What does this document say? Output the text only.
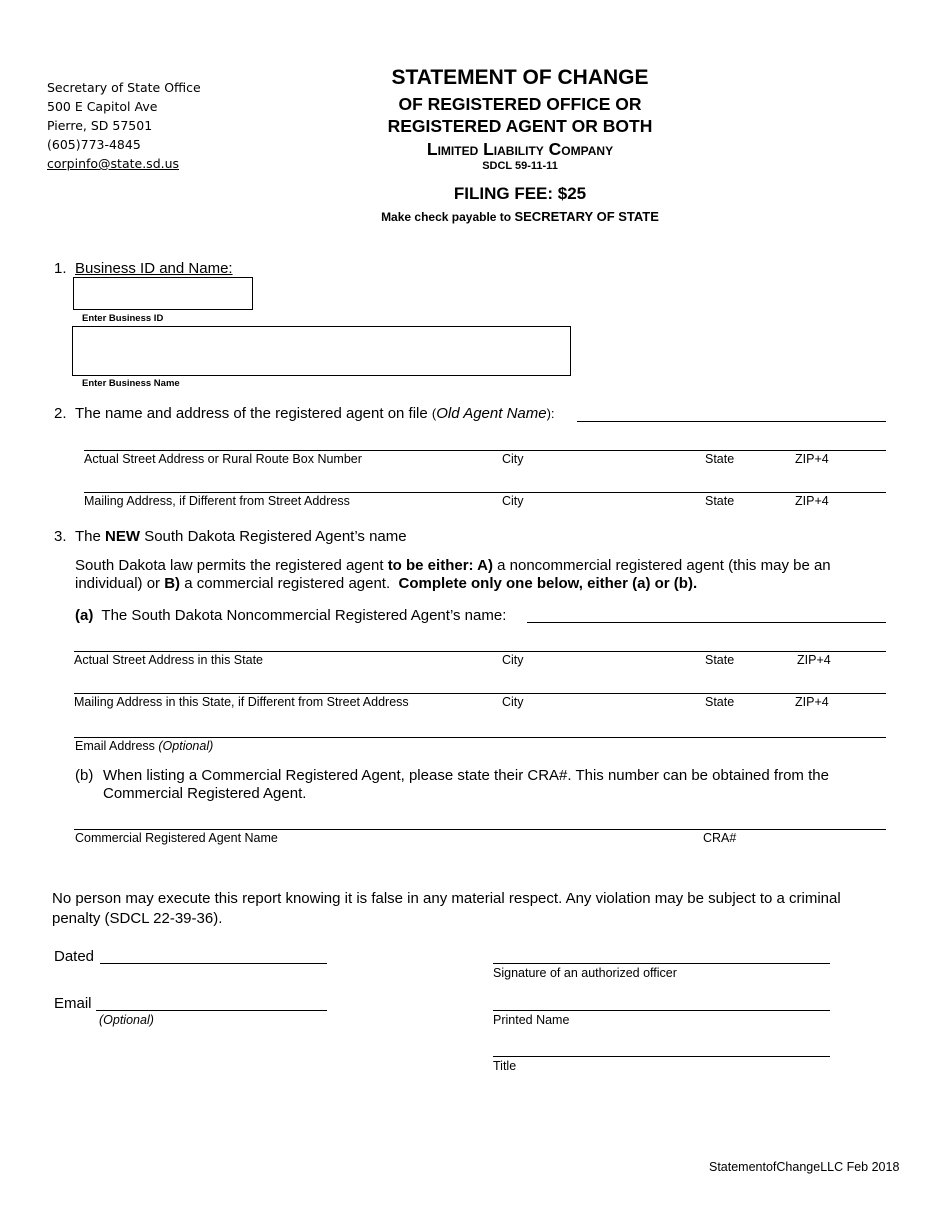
Secretary of State Office
500 E Capitol Ave
Pierre, SD 57501
(605)773-4845
corpinfo@state.sd.us
STATEMENT OF CHANGE
OF REGISTERED OFFICE OR
REGISTERED AGENT OR BOTH
Limited Liability Company
SDCL 59-11-11
FILING FEE: $25
Make check payable to SECRETARY OF STATE
1. Business ID and Name:
Enter Business ID
Enter Business Name
2. The name and address of the registered agent on file (Old Agent Name):
Actual Street Address or Rural Route Box Number	City	State	ZIP+4
Mailing Address, if Different from Street Address	City	State	ZIP+4
3. The NEW South Dakota Registered Agent’s name
South Dakota law permits the registered agent to be either: A) a noncommercial registered agent (this may be an individual) or B) a commercial registered agent. Complete only one below, either (a) or (b).
(a) The South Dakota Noncommercial Registered Agent’s name:
Actual Street Address in this State	City	State	ZIP+4
Mailing Address in this State, if Different from Street Address	City	State	ZIP+4
Email Address (Optional)
(b) When listing a Commercial Registered Agent, please state their CRA#. This number can be obtained from the Commercial Registered Agent.
Commercial Registered Agent Name	CRA#
No person may execute this report knowing it is false in any material respect. Any violation may be subject to a criminal penalty (SDCL 22-39-36).
Dated
Signature of an authorized officer
Email
(Optional)	Printed Name
Title
StatementofChangeLLC Feb 2018
